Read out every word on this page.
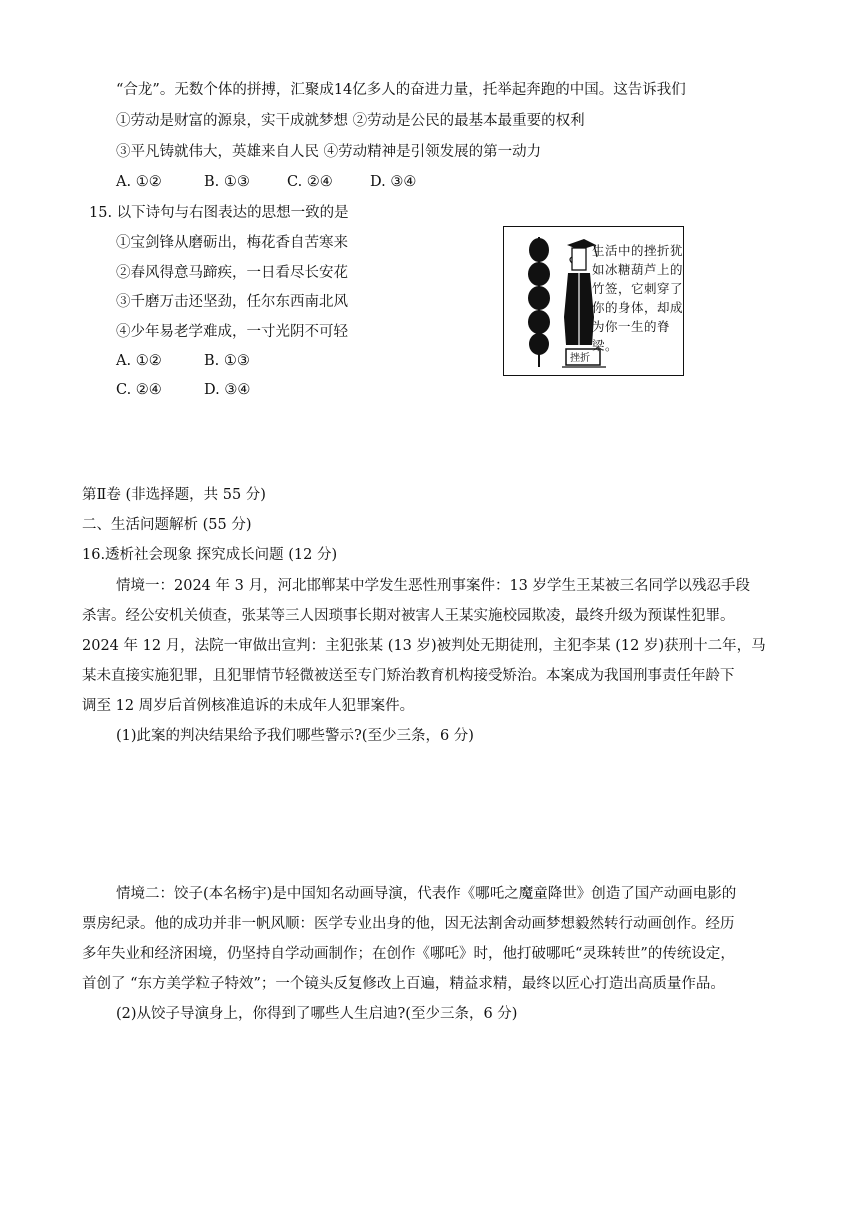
“合龙”。无数个体的拼搏，汇聚成14亿多人的奋进力量，托举起奔跑的中国。这告诉我们
①劳动是财富的源泉，实干成就梦想 ②劳动是公民的最基本最重要的权利
③平凡铸就伟大，英雄来自人民 ④劳动精神是引领发展的第一动力
A. ①②	B. ①③	C. ②④	D. ③④
15. 以下诗句与右图表达的思想一致的是
①宝剑锋从磨砺出，梅花香自苦寒来
②春风得意马蹄疾，一日看尽长安花
③千磨万击还坚劲，任尔东西南北风
④少年易老学难成，一寸光阴不可轻
A. ①②	B. ①③
C. ②④	D. ③④
生活中的挫折犹如冰糖葫芦上的竹签，它刺穿了你的身体，却成为你一生的脊梁。
挫折
第Ⅱ卷 (非选择题，共 55 分)
二、生活问题解析 (55 分)
16.透析社会现象 探究成长问题 (12 分)
情境一：2024 年 3 月，河北邯郸某中学发生恶性刑事案件：13 岁学生王某被三名同学以残忍手段
杀害。经公安机关侦查，张某等三人因琐事长期对被害人王某实施校园欺凌，最终升级为预谋性犯罪。
2024 年 12 月，法院一审做出宣判：主犯张某 (13 岁)被判处无期徒刑，主犯李某 (12 岁)获刑十二年，马
某未直接实施犯罪，且犯罪情节轻微被送至专门矫治教育机构接受矫治。本案成为我国刑事责任年龄下
调至 12 周岁后首例核准追诉的未成年人犯罪案件。
(1)此案的判决结果给予我们哪些警示?(至少三条，6 分)
情境二：饺子(本名杨宇)是中国知名动画导演，代表作《哪吒之魔童降世》创造了国产动画电影的
票房纪录。他的成功并非一帆风顺：医学专业出身的他，因无法割舍动画梦想毅然转行动画创作。经历
多年失业和经济困境，仍坚持自学动画制作；在创作《哪吒》时，他打破哪吒“灵珠转世”的传统设定，
首创了 “东方美学粒子特效”；一个镜头反复修改上百遍，精益求精，最终以匠心打造出高质量作品。
(2)从饺子导演身上，你得到了哪些人生启迪?(至少三条，6 分)
